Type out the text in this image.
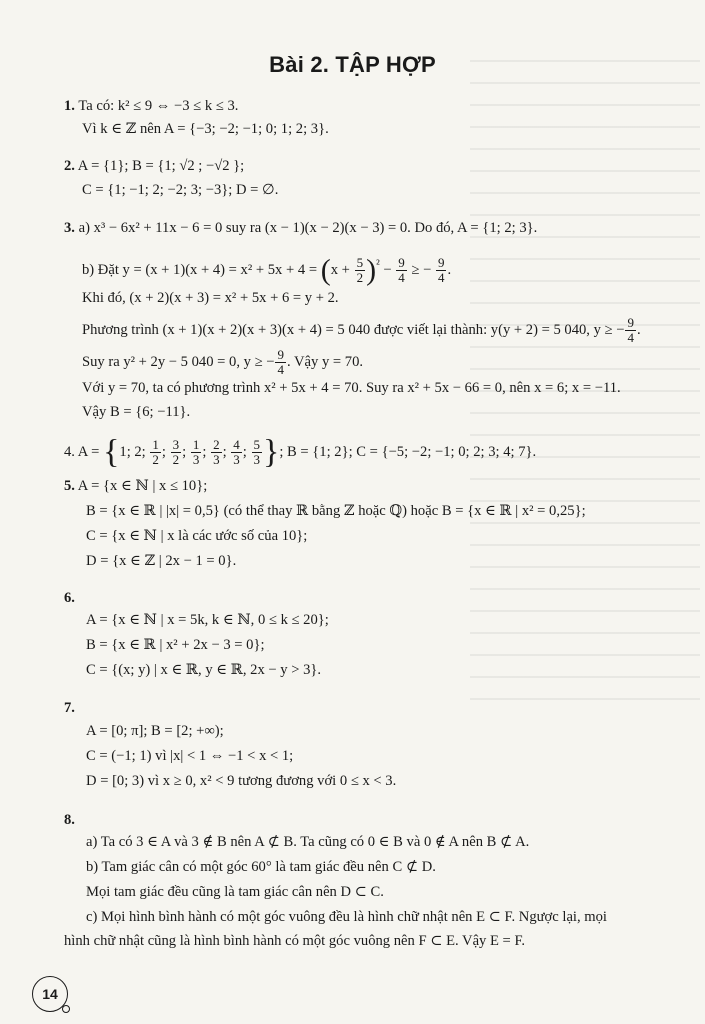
Bài 2. TẬP HỢP
1. Ta có: k² ≤ 9 ⇔ −3 ≤ k ≤ 3.
Vì k ∈ ℤ nên A = {−3; −2; −1; 0; 1; 2; 3}.
2. A = {1}; B = {1; √2 ; −√2 };
C = {1; −1; 2; −2; 3; −3}; D = ∅.
3. a) x³ − 6x² + 11x − 6 = 0 suy ra (x − 1)(x − 2)(x − 3) = 0. Do đó, A = {1; 2; 3}.
b) Đặt $y = (x + 1)(x + 4) = x^2 + 5x + 4 = (x + \frac{5}{2} )^{^2} - \frac{9}{4}$ ≥ − $\frac{9}{4}$ .
Khi đó, (x + 2)(x + 3) = x² + 5x + 6 = y + 2.
Phương trình (x + 1)(x + 2)(x + 3)(x + 4) = 5 040 được viết lại thành: y(y + 2) = 5 040, y ≥ − $\frac{9}{4}$ .
Suy ra y² + 2y − 5 040 = 0, y ≥ − $\frac{9}{4}$ . Vậy y = 70.
Với y = 70, ta có phương trình x² + 5x + 4 = 70. Suy ra x² + 5x − 66 = 0, nên x = 6; x = −11.
Vậy B = {6; −11}.
4. A = {1; 2; $\frac{1}{2}$ ; $\frac{3}{2}$ ; $\frac{1}{3}$ ; $\frac{2}{3}$ ; $\frac{4}{3}$ ; $\frac{5}{3}$ }; B = {1; 2}; C = {−5; −2; −1; 0; 2; 3; 4; 7}.
5. A = {x ∈ ℕ | x ≤ 10};
B = {x ∈ ℝ | |x| = 0,5} (có thể thay ℝ bằng ℤ hoặc ℚ) hoặc B = {x ∈ ℝ | x² = 0,25};
C = {x ∈ ℕ | x là các ước số của 10};
D = {x ∈ ℤ | 2x − 1 = 0}.
6.
A = {x ∈ ℕ | x = 5k, k ∈ ℕ, 0 ≤ k ≤ 20};
B = {x ∈ ℝ | x² + 2x − 3 = 0};
C = {(x; y) | x ∈ ℝ, y ∈ ℝ, 2x − y > 3}.
7.
A = [0; π]; B = [2; +∞);
C = (−1; 1) vì |x| < 1 ⇔ −1 < x < 1;
D = [0; 3) vì x ≥ 0, x² < 9 tương đương với 0 ≤ x < 3.
8.
a) Ta có 3 ∈ A và 3 ∉ B nên A ⊄ B. Ta cũng có 0 ∈ B và 0 ∉ A nên B ⊄ A.
b) Tam giác cân có một góc 60° là tam giác đều nên C ⊄ D.
Mọi tam giác đều cũng là tam giác cân nên D ⊂ C.
c) Mọi hình bình hành có một góc vuông đều là hình chữ nhật nên E ⊂ F. Ngược lại, mọi
hình chữ nhật cũng là hình bình hành có một góc vuông nên F ⊂ E. Vậy E = F.
14
